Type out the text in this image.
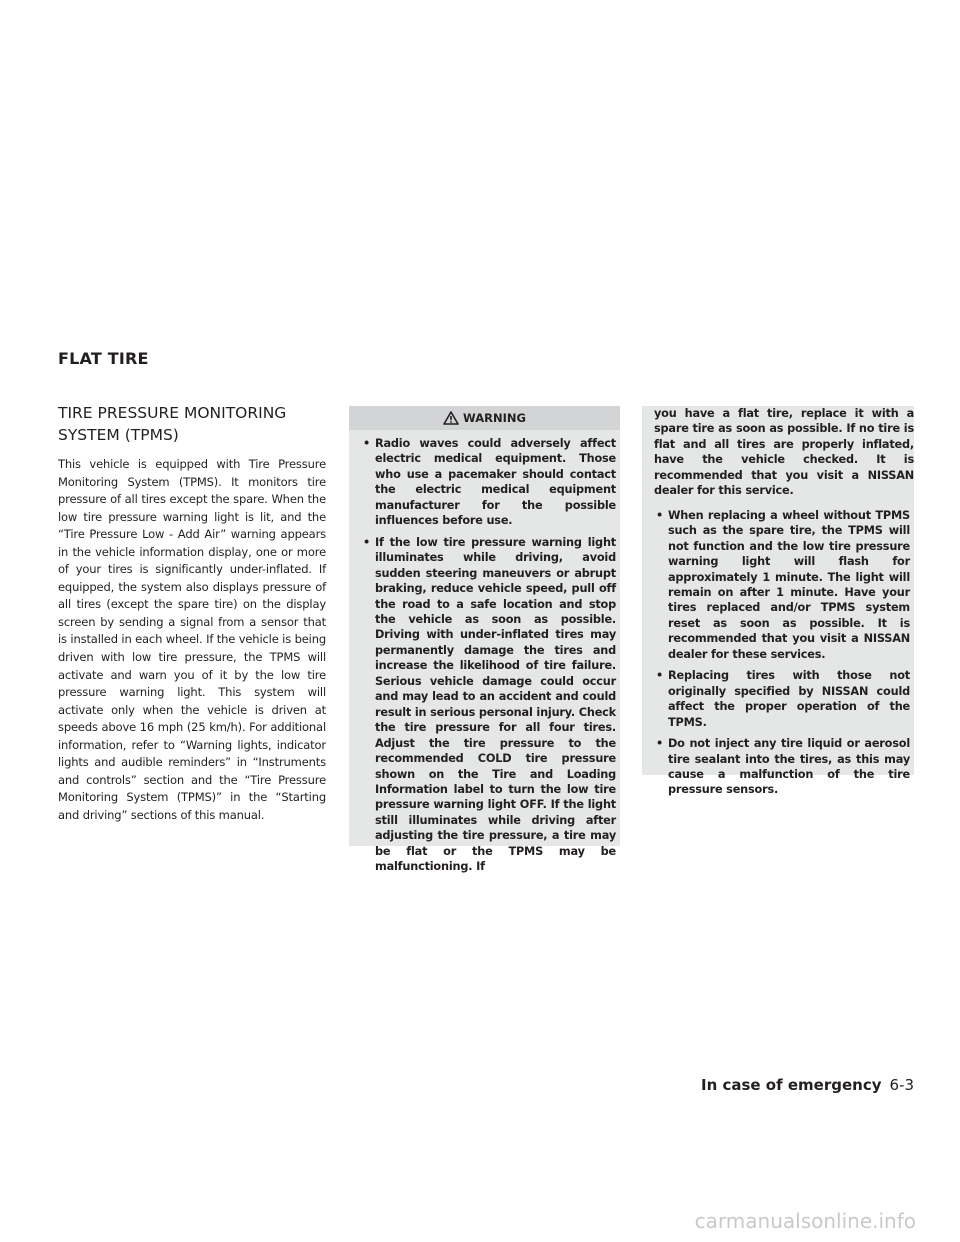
FLAT TIRE
TIRE PRESSURE MONITORING
SYSTEM (TPMS)

This vehicle is equipped with Tire Pressure Monitoring System (TPMS). It monitors tire pressure of all tires except the spare. When the low tire pressure warning light is lit, and the “Tire Pressure Low - Add Air” warning appears in the vehicle information display, one or more of your tires is significantly under-inflated. If equipped, the system also displays pressure of all tires (except the spare tire) on the display screen by sending a signal from a sensor that is installed in each wheel. If the vehicle is being driven with low tire pressure, the TPMS will activate and warn you of it by the low tire pressure warning light. This system will activate only when the vehicle is driven at speeds above 16 mph (25 km/h). For additional information, refer to “Warning lights, indicator lights and audible reminders” in “Instruments and controls” section and the “Tire Pressure Monitoring System (TPMS)” in the “Starting and driving” sections of this manual.

WARNING
• Radio waves could adversely affect electric medical equipment. Those who use a pacemaker should contact the electric medical equipment manufacturer for the possible influences before use.
• If the low tire pressure warning light illuminates while driving, avoid sudden steering maneuvers or abrupt braking, reduce vehicle speed, pull off the road to a safe location and stop the vehicle as soon as possible. Driving with under-inflated tires may permanently damage the tires and increase the likelihood of tire failure. Serious vehicle damage could occur and may lead to an accident and could result in serious personal injury. Check the tire pressure for all four tires. Adjust the tire pressure to the recommended COLD tire pressure shown on the Tire and Loading Information label to turn the low tire pressure warning light OFF. If the light still illuminates while driving after adjusting the tire pressure, a tire may be flat or the TPMS may be malfunctioning. If
you have a flat tire, replace it with a spare tire as soon as possible. If no tire is flat and all tires are properly inflated, have the vehicle checked. It is recommended that you visit a NISSAN dealer for this service.
• When replacing a wheel without TPMS such as the spare tire, the TPMS will not function and the low tire pressure warning light will flash for approximately 1 minute. The light will remain on after 1 minute. Have your tires replaced and/or TPMS system reset as soon as possible. It is recommended that you visit a NISSAN dealer for these services.
• Replacing tires with those not originally specified by NISSAN could affect the proper operation of the TPMS.
• Do not inject any tire liquid or aerosol tire sealant into the tires, as this may cause a malfunction of the tire pressure sensors.
In case of emergency 6-3
carmanualsonline.info
